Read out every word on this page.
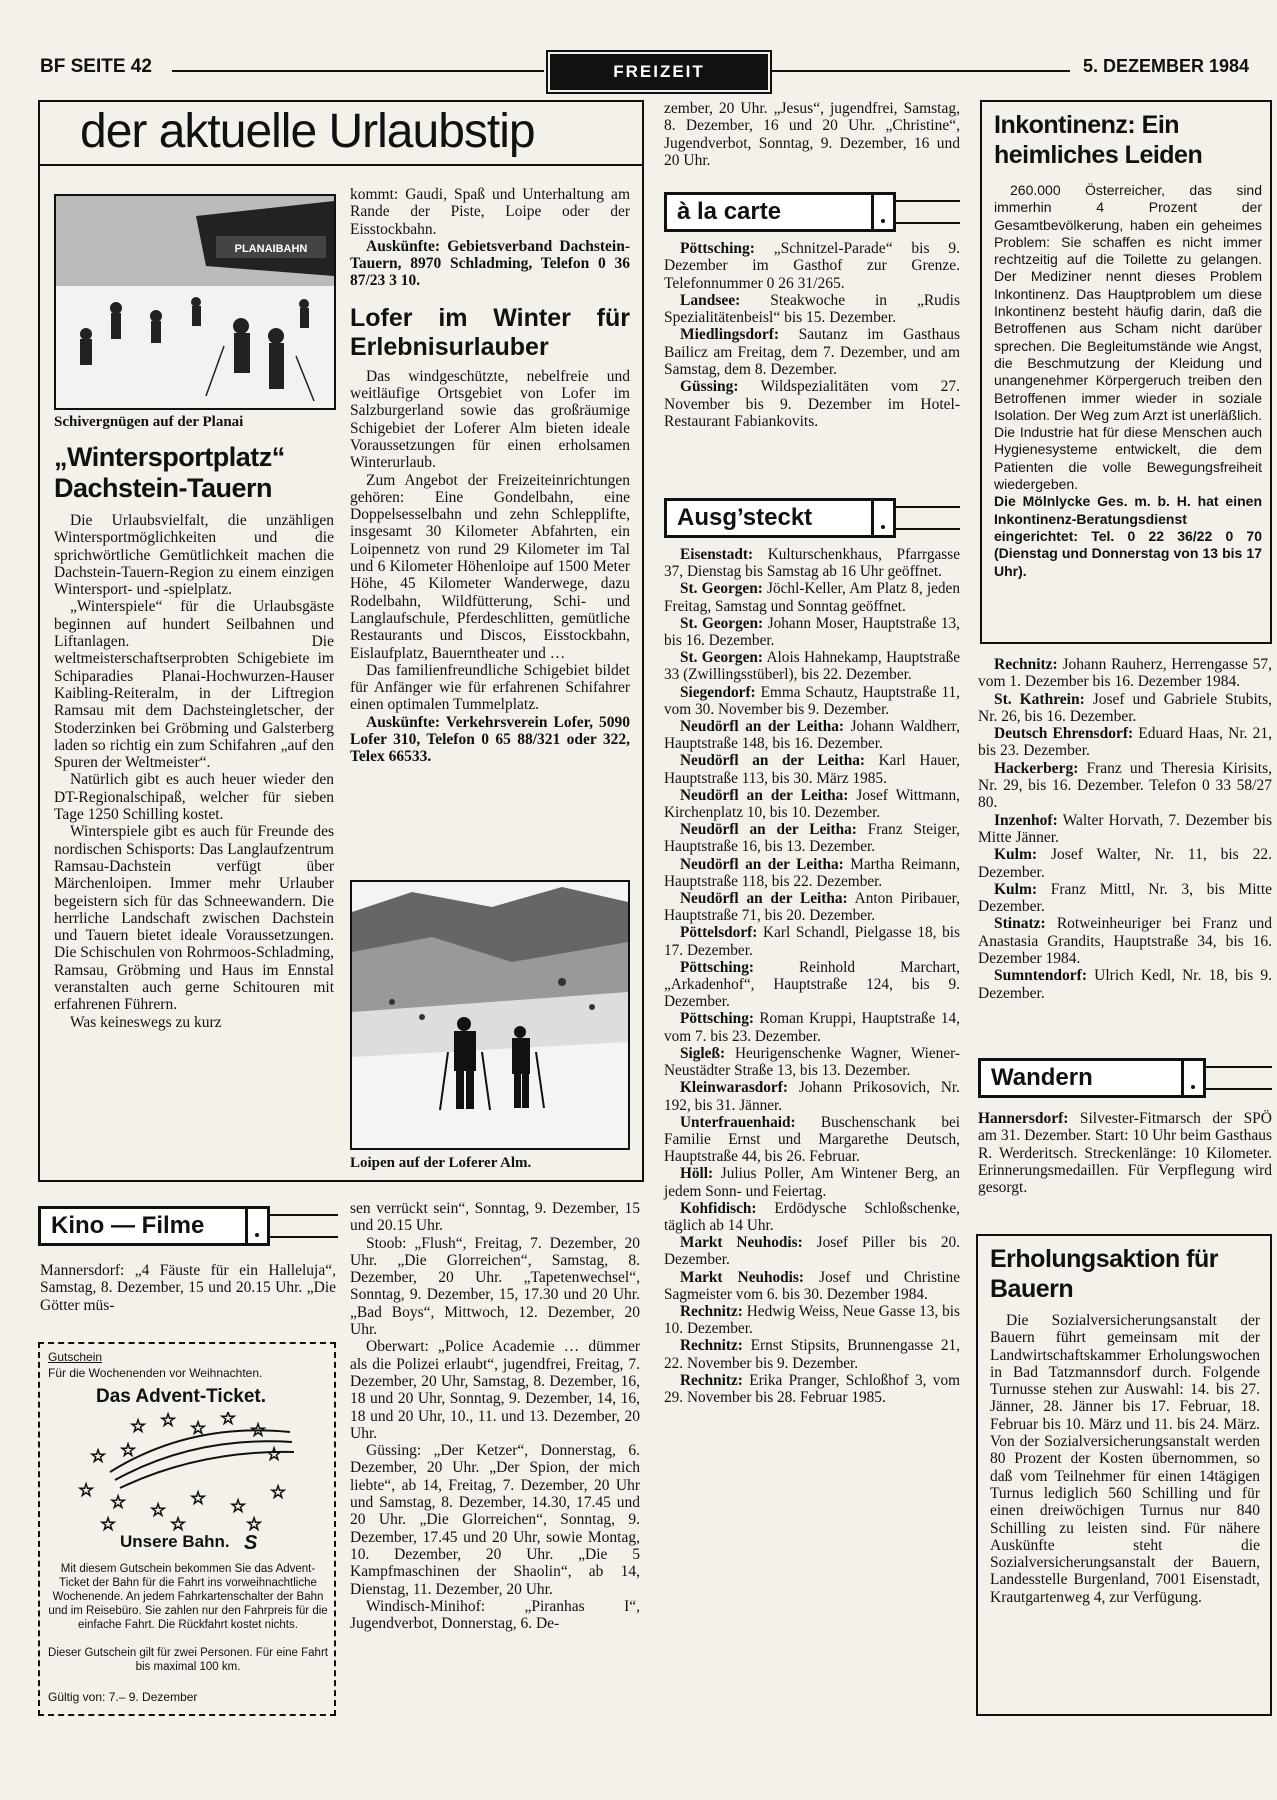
BF SEITE 42	FREIZEIT	5. DEZEMBER 1984
der aktuelle Urlaubstip
PLANAIBAHN
Schivergnügen auf der Planai
„Wintersportplatz“ Dachstein-Tauern

Die Urlaubsvielfalt, die unzähligen Wintersportmöglichkeiten und die sprichwörtliche Gemütlichkeit machen die Dachstein-Tauern-Region zu einem einzigen Wintersport- und -spielplatz.

„Winterspiele“ für die Urlaubsgäste beginnen auf hundert Seilbahnen und Liftanlagen. Die weltmeisterschaftserprobten Schigebiete im Schiparadies Planai-Hochwurzen-Hauser Kaibling-Reiteralm, in der Liftregion Ramsau mit dem Dachsteingletscher, der Stoderzinken bei Gröbming und Galsterberg laden so richtig ein zum Schifahren „auf den Spuren der Weltmeister“.

Natürlich gibt es auch heuer wieder den DT-Regionalschipaß, welcher für sieben Tage 1250 Schilling kostet.

Winterspiele gibt es auch für Freunde des nordischen Schisports: Das Langlaufzentrum Ramsau-Dachstein verfügt über Märchenloipen. Immer mehr Urlauber begeistern sich für das Schneewandern. Die herrliche Landschaft zwischen Dachstein und Tauern bietet ideale Voraussetzungen. Die Schischulen von Rohrmoos-Schladming, Ramsau, Gröbming und Haus im Ennstal veranstalten auch gerne Schitouren mit erfahrenen Führern.

Was keineswegs zu kurz

kommt: Gaudi, Spaß und Unterhaltung am Rande der Piste, Loipe oder der Eisstockbahn.

Auskünfte: Gebietsverband Dachstein-Tauern, 8970 Schladming, Telefon 0 36 87/23 3 10.

Lofer im Winter für Erlebnisurlauber

Das windgeschützte, nebelfreie und weitläufige Ortsgebiet von Lofer im Salzburgerland sowie das großräumige Schigebiet der Loferer Alm bieten ideale Voraussetzungen für einen erholsamen Winterurlaub.

Zum Angebot der Freizeiteinrichtungen gehören: Eine Gondelbahn, eine Doppelsesselbahn und zehn Schlepplifte, insgesamt 30 Kilometer Abfahrten, ein Loipennetz von rund 29 Kilometer im Tal und 6 Kilometer Höhenloipe auf 1500 Meter Höhe, 45 Kilometer Wanderwege, dazu Rodelbahn, Wildfütterung, Schi- und Langlaufschule, Pferdeschlitten, gemütliche Restaurants und Discos, Eisstockbahn, Eislaufplatz, Bauerntheater und …

Das familienfreundliche Schigebiet bildet für Anfänger wie für erfahrenen Schifahrer einen optimalen Tummelplatz.

Auskünfte: Verkehrsverein Lofer, 5090 Lofer 310, Telefon 0 65 88/321 oder 322, Telex 66533.

Loipen auf der Loferer Alm.
Kino — Filme

Mannersdorf: „4 Fäuste für ein Halleluja“, Samstag, 8. Dezember, 15 und 20.15 Uhr. „Die Götter müs-

sen verrückt sein“, Sonntag, 9. Dezember, 15 und 20.15 Uhr.

Stoob: „Flush“, Freitag, 7. Dezember, 20 Uhr. „Die Glorreichen“, Samstag, 8. Dezember, 20 Uhr. „Tapetenwechsel“, Sonntag, 9. Dezember, 15, 17.30 und 20 Uhr. „Bad Boys“, Mittwoch, 12. Dezember, 20 Uhr.

Oberwart: „Police Academie … dümmer als die Polizei erlaubt“, jugendfrei, Freitag, 7. Dezember, 20 Uhr, Samstag, 8. Dezember, 16, 18 und 20 Uhr, Sonntag, 9. Dezember, 14, 16, 18 und 20 Uhr, 10., 11. und 13. Dezember, 20 Uhr.

Güssing: „Der Ketzer“, Donnerstag, 6. Dezember, 20 Uhr. „Der Spion, der mich liebte“, ab 14, Freitag, 7. Dezember, 20 Uhr und Samstag, 8. Dezember, 14.30, 17.45 und 20 Uhr. „Die Glorreichen“, Sonntag, 9. Dezember, 17.45 und 20 Uhr, sowie Montag, 10. Dezember, 20 Uhr. „Die 5 Kampfmaschinen der Shaolin“, ab 14, Dienstag, 11. Dezember, 20 Uhr.

Windisch-Minihof: „Piranhas I“, Jugendverbot, Donnerstag, 6. De-

Gutschein
Für die Wochenenden vor Weihnachten.
Das Advent-Ticket.
☆ ☆ ☆ ☆
☆
☆ ☆	☆
☆
☆ ☆
☆ ☆
☆
☆	☆	☆
Unsere Bahn. S
Mit diesem Gutschein bekommen Sie das Advent-Ticket der Bahn für die Fahrt ins vorweihnachtliche Wochenende. An jedem Fahrkartenschalter der Bahn und im Reisebüro. Sie zahlen nur den Fahrpreis für die einfache Fahrt. Die Rückfahrt kostet nichts.
Dieser Gutschein gilt für zwei Personen. Für eine Fahrt bis maximal 100 km.
Gültig von: 7.– 9. Dezember

zember, 20 Uhr. „Jesus“, jugendfrei, Samstag, 8. Dezember, 16 und 20 Uhr. „Christine“, Jugendverbot, Sonntag, 9. Dezember, 16 und 20 Uhr.

à la carte

Pöttsching: „Schnitzel-Parade“ bis 9. Dezember im Gasthof zur Grenze. Telefonnummer 0 26 31/265.

Landsee: Steakwoche in „Rudis Spezialitätenbeisl“ bis 15. Dezember.

Miedlingsdorf: Sautanz im Gasthaus Bailicz am Freitag, dem 7. Dezember, und am Samstag, dem 8. Dezember.

Güssing: Wildspezialitäten vom 27. November bis 9. Dezember im Hotel-Restaurant Fabiankovits.

Ausg’steckt

Eisenstadt: Kulturschenkhaus, Pfarrgasse 37, Dienstag bis Samstag ab 16 Uhr geöffnet.

St. Georgen: Jöchl-Keller, Am Platz 8, jeden Freitag, Samstag und Sonntag geöffnet.

St. Georgen: Johann Moser, Hauptstraße 13, bis 16. Dezember.

St. Georgen: Alois Hahnekamp, Hauptstraße 33 (Zwillingsstüberl), bis 22. Dezember.

Siegendorf: Emma Schautz, Hauptstraße 11, vom 30. November bis 9. Dezember.

Neudörfl an der Leitha: Johann Waldherr, Hauptstraße 148, bis 16. Dezember.

Neudörfl an der Leitha: Karl Hauer, Hauptstraße 113, bis 30. März 1985.

Neudörfl an der Leitha: Josef Wittmann, Kirchenplatz 10, bis 10. Dezember.

Neudörfl an der Leitha: Franz Steiger, Hauptstraße 16, bis 13. Dezember.

Neudörfl an der Leitha: Martha Reimann, Hauptstraße 118, bis 22. Dezember.

Neudörfl an der Leitha: Anton Piribauer, Hauptstraße 71, bis 20. Dezember.

Pöttelsdorf: Karl Schandl, Pielgasse 18, bis 17. Dezember.

Pöttsching:	Reinhold Marchart, „Arkadenhof“, Hauptstraße 124, bis 9. Dezember.

Pöttsching: Roman Kruppi, Hauptstraße 14, vom 7. bis 23. Dezember.

Sigleß: Heurigenschenke Wagner, Wiener-Neustädter Straße 13, bis 13. Dezember.

Kleinwarasdorf: Johann Prikosovich, Nr. 192, bis 31. Jänner.

Unterfrauenhaid: Buschenschank bei Familie Ernst und Margarethe Deutsch, Hauptstraße 44, bis 26. Februar.

Höll: Julius Poller, Am Wintener Berg, an jedem Sonn- und Feiertag.

Kohfidisch: Erdödysche Schloßschenke, täglich ab 14 Uhr.

Markt Neuhodis: Josef Piller bis 20. Dezember.

Markt Neuhodis: Josef und Christine Sagmeister vom 6. bis 30. Dezember 1984.

Rechnitz: Hedwig Weiss, Neue Gasse 13, bis 10. Dezember.

Rechnitz: Ernst Stipsits, Brunnengasse 21, 22. November bis 9. Dezember.

Rechnitz: Erika Pranger, Schloßhof 3, vom 29. November bis 28. Februar 1985.

Inkontinenz: Ein heimliches Leiden

260.000 Österreicher, das sind immerhin 4 Prozent der Gesamtbevölkerung, haben ein geheimes Problem: Sie schaffen es nicht immer rechtzeitig auf die Toilette zu gelangen. Der Mediziner nennt dieses Problem Inkontinenz. Das Hauptproblem um diese Inkontinenz besteht häufig darin, daß die Betroffenen aus Scham nicht darüber sprechen. Die Begleitumstände wie Angst, die Beschmutzung der Kleidung und unangenehmer Körpergeruch treiben den Betroffenen immer wieder in soziale Isolation. Der Weg zum Arzt ist unerläßlich. Die Industrie hat für diese Menschen auch Hygienesysteme entwickelt, die dem Patienten die volle Bewegungsfreiheit wiedergeben.

Die Mölnlycke Ges. m. b. H. hat einen Inkontinenz-Beratungsdienst eingerichtet: Tel. 0 22 36/22 0 70 (Dienstag und Donnerstag von 13 bis 17 Uhr).

Rechnitz: Johann Rauherz, Herrengasse 57, vom 1. Dezember bis 16. Dezember 1984.

St. Kathrein: Josef und Gabriele Stubits, Nr. 26, bis 16. Dezember.

Deutsch Ehrensdorf: Eduard Haas, Nr. 21, bis 23. Dezember.

Hackerberg: Franz und Theresia Kirisits, Nr. 29, bis 16. Dezember. Telefon 0 33 58/27 80.

Inzenhof: Walter Horvath, 7. Dezember bis Mitte Jänner.

Kulm: Josef Walter, Nr. 11, bis 22. Dezember.

Kulm: Franz Mittl, Nr. 3, bis Mitte Dezember.

Stinatz: Rotweinheuriger bei Franz und Anastasia Grandits, Hauptstraße 34, bis 16. Dezember 1984.

Sumntendorf: Ulrich Kedl, Nr. 18, bis 9. Dezember.

Wandern

Hannersdorf: Silvester-Fitmarsch der SPÖ am 31. Dezember. Start: 10 Uhr beim Gasthaus R. Werderitsch. Streckenlänge: 10 Kilometer. Erinnerungsmedaillen. Für Verpflegung wird gesorgt.

Erholungsaktion für Bauern

Die Sozialversicherungsanstalt der Bauern führt gemeinsam mit der Landwirtschaftskammer Erholungswochen in Bad Tatzmannsdorf durch. Folgende Turnusse stehen zur Auswahl: 14. bis 27. Jänner, 28. Jänner bis 17. Februar, 18. Februar bis 10. März und 11. bis 24. März. Von der Sozialversicherungsanstalt werden 80 Prozent der Kosten übernommen, so daß vom Teilnehmer für einen 14tägigen Turnus lediglich 560 Schilling und für einen dreiwöchigen Turnus nur 840 Schilling zu leisten sind. Für nähere Auskünfte steht die Sozialversicherungsanstalt der Bauern, Landesstelle Burgenland, 7001 Eisenstadt, Krautgartenweg 4, zur Verfügung.
